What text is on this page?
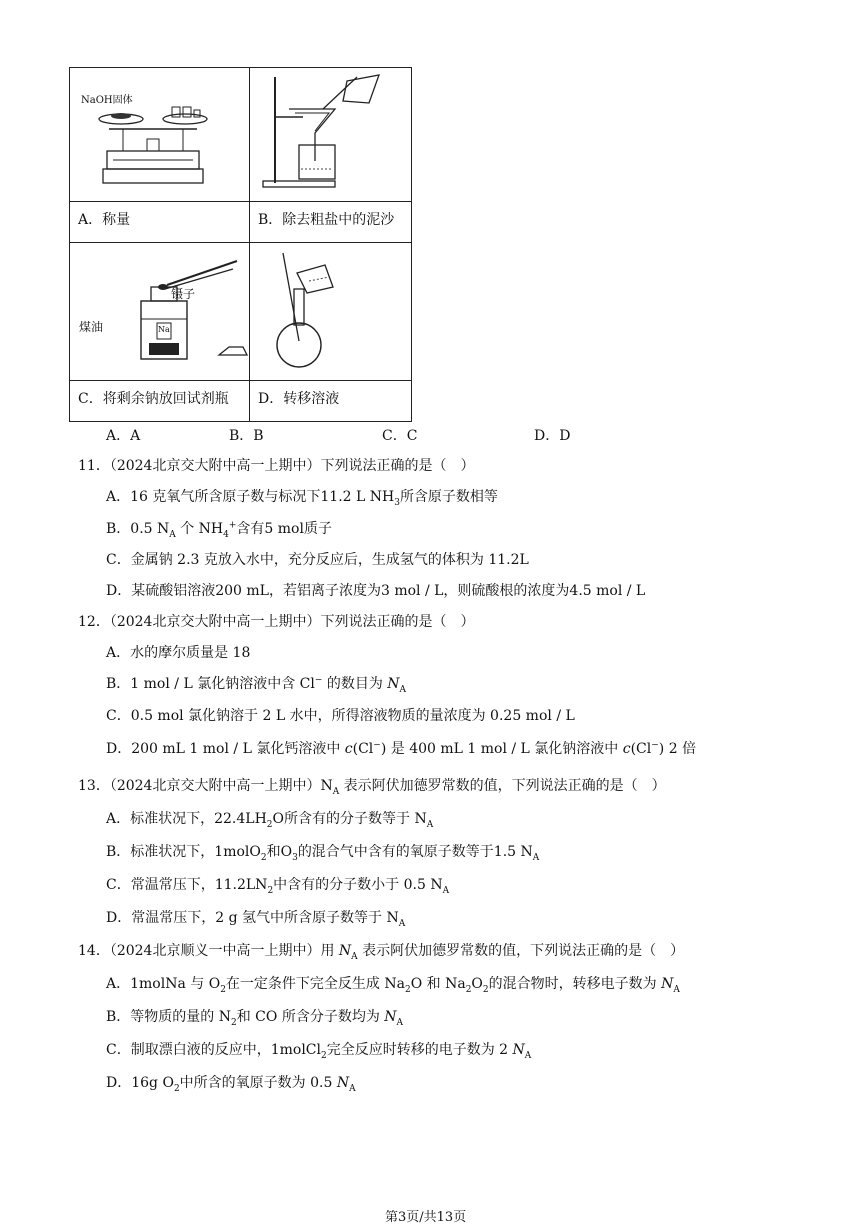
NaOH固体
镊子
煤油	Na
A．称量	B．除去粗盐中的泥沙
C．将剩余钠放回试剂瓶 D．转移溶液
A．A	B．B	C．C	D．D
11．（2024北京交大附中高一上期中）下列说法正确的是（　）
A．16 克氧气所含原子数与标况下11.2 L $NH_3$所含原子数相等
B．0.5 $N_A$ 个 $NH_4^+$含有5 mol质子
C．金属钠 2.3 克放入水中，充分反应后，生成氢气的体积为 11.2L
D．某硫酸铝溶液200 mL，若铝离子浓度为3 mol / L，则硫酸根的浓度为4.5 mol / L
12．（2024北京交大附中高一上期中）下列说法正确的是（　）
A．水的摩尔质量是 18
B．1 mol / L 氯化钠溶液中含 Cl− 的数目为 $N_A$
C．0.5 mol 氯化钠溶于 2 L 水中，所得溶液物质的量浓度为 0.25 mol / L
D．200 mL 1 mol / L 氯化钙溶液中 c(Cl−) 是 400 mL 1 mol / L 氯化钠溶液中 c(Cl−) 2 倍
13．（2024北京交大附中高一上期中）$N_A$ 表示阿伏加德罗常数的值，下列说法正确的是（　）
A．标准状况下，$22.4LH_2O$所含有的分子数等于 $N_A$
B．标准状况下，1molO$_2$和$O_3$的混合气中含有的氧原子数等于1.5 $N_A$
C．常温常压下，$11.2LN_2$中含有的分子数小于 0.5 $N_A$
D．常温常压下，2 g 氢气中所含原子数等于 $N_A$
14．（2024北京顺义一中高一上期中）用 $N_A$ 表示阿伏加德罗常数的值，下列说法正确的是（　）
A．1molNa 与 $O_2$在一定条件下完全反生成 $Na_2O$ 和 $Na_2O_2$的混合物时，转移电子数为 $N_A$
B．等物质的量的 $N_2$和 CO 所含分子数均为 $N_A$
C．制取漂白液的反应中，1molCl$_2$完全反应时转移的电子数为 2 $N_A$
D．16g $O_2$中所含的氧原子数为 0.5 $N_A$
第3页/共13页
